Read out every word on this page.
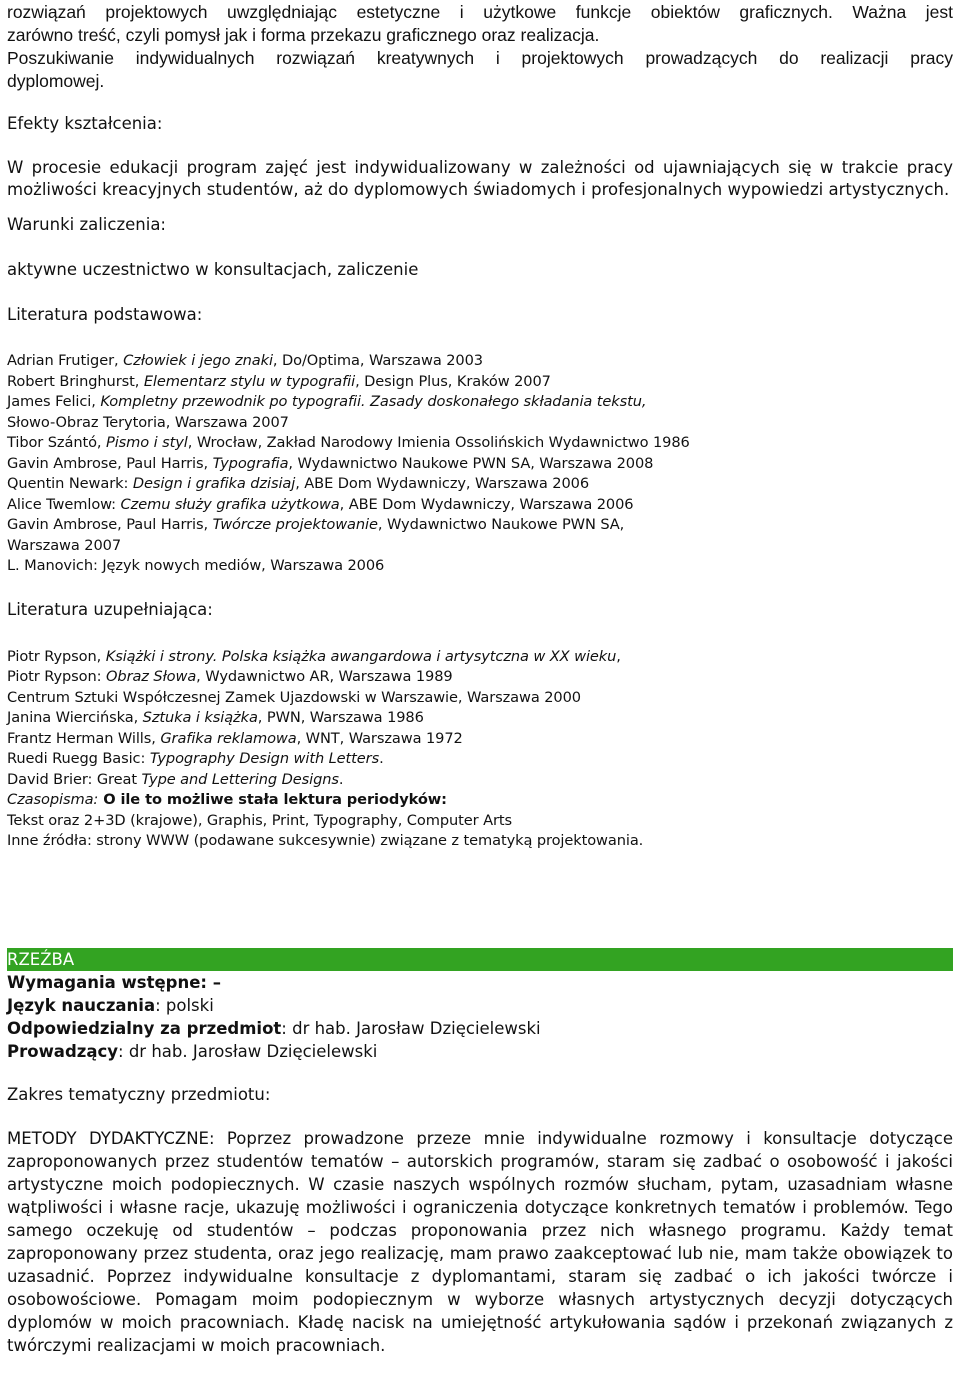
rozwiązań projektowych uwzględniając estetyczne i użytkowe funkcje obiektów graficznych. Ważna jest
zarówno treść, czyli pomysł jak i forma przekazu graficznego oraz realizacja.
Poszukiwanie indywidualnych rozwiązań kreatywnych i projektowych prowadzących do realizacji pracy
dyplomowej.
Efekty kształcenia:
W procesie edukacji program zajęć jest indywidualizowany w zależności od ujawniających się w trakcie pracy możliwości kreacyjnych studentów, aż do dyplomowych świadomych i profesjonalnych wypowiedzi artystycznych.
Warunki zaliczenia:
aktywne uczestnictwo w konsultacjach, zaliczenie
Literatura podstawowa:
Adrian Frutiger, Człowiek i jego znaki, Do/Optima, Warszawa 2003
Robert Bringhurst, Elementarz stylu w typografii, Design Plus, Kraków 2007
James Felici, Kompletny przewodnik po typografii. Zasady doskonałego składania tekstu,
Słowo-Obraz Terytoria, Warszawa 2007
Tibor Szántó, Pismo i styl, Wrocław, Zakład Narodowy Imienia Ossolińskich Wydawnictwo 1986
Gavin Ambrose, Paul Harris, Typografia, Wydawnictwo Naukowe PWN SA, Warszawa 2008
Quentin Newark: Design i grafika dzisiaj, ABE Dom Wydawniczy, Warszawa 2006
Alice Twemlow: Czemu służy grafika użytkowa, ABE Dom Wydawniczy, Warszawa 2006
Gavin Ambrose, Paul Harris, Twórcze projektowanie, Wydawnictwo Naukowe PWN SA,
Warszawa 2007
L. Manovich: Język nowych mediów, Warszawa 2006
Literatura uzupełniająca:
Piotr Rypson, Książki i strony. Polska książka awangardowa i artysytczna w XX wieku,
Piotr Rypson: Obraz Słowa, Wydawnictwo AR, Warszawa 1989
Centrum Sztuki Współczesnej Zamek Ujazdowski w Warszawie, Warszawa 2000
Janina Wiercińska, Sztuka i książka, PWN, Warszawa 1986
Frantz Herman Wills, Grafika reklamowa, WNT, Warszawa 1972
Ruedi Ruegg Basic: Typography Design with Letters.
David Brier: Great Type and Lettering Designs.
Czasopisma: O ile to możliwe stała lektura periodyków:
Tekst oraz 2+3D (krajowe), Graphis, Print, Typography, Computer Arts
Inne źródła: strony WWW (podawane sukcesywnie) związane z tematyką projektowania.
RZEŹBA
Wymagania wstępne: –
Język nauczania: polski
Odpowiedzialny za przedmiot: dr hab. Jarosław Dzięcielewski
Prowadzący: dr hab. Jarosław Dzięcielewski
Zakres tematyczny przedmiotu:
METODY DYDAKTYCZNE: Poprzez prowadzone przeze mnie indywidualne rozmowy i konsultacje dotyczące zaproponowanych przez studentów tematów – autorskich programów, staram się zadbać o osobowość i jakości artystyczne moich podopiecznych. W czasie naszych wspólnych rozmów słucham, pytam, uzasadniam własne wątpliwości i własne racje, ukazuję możliwości i ograniczenia dotyczące konkretnych tematów i problemów. Tego samego oczekuję od studentów – podczas proponowania przez nich własnego programu. Każdy temat zaproponowany przez studenta, oraz jego realizację, mam prawo zaakceptować lub nie, mam także obowiązek to uzasadnić. Poprzez indywidualne konsultacje z dyplomantami, staram się zadbać o ich jakości twórcze i osobowościowe. Pomagam moim podopiecznym w wyborze własnych artystycznych decyzji dotyczących dyplomów w moich pracowniach. Kładę nacisk na umiejętność artykułowania sądów i przekonań związanych z twórczymi realizacjami w moich pracowniach.
